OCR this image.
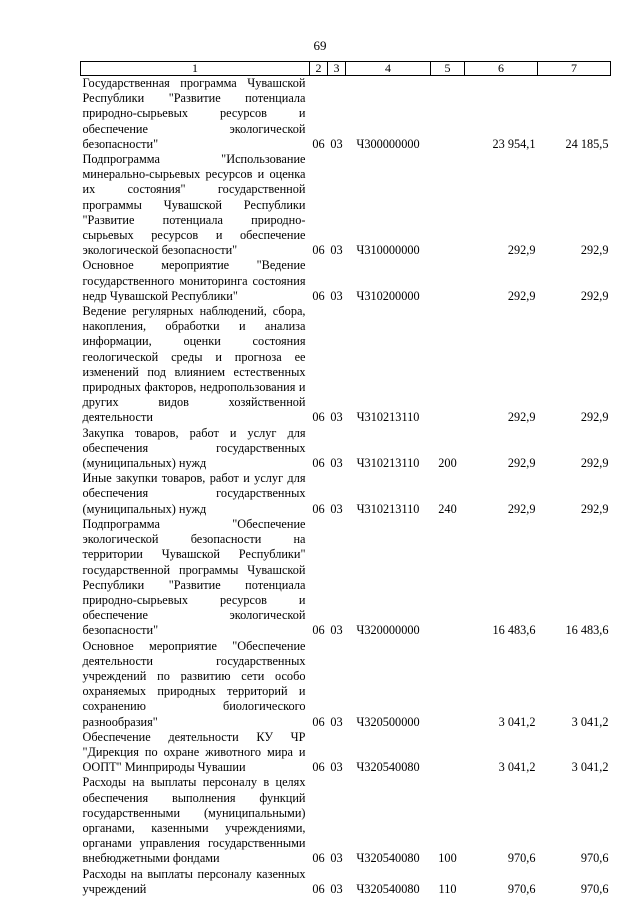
69
1	2	3	4	5	6	7
Государственная программа Чувашской Республики "Развитие потенциала природно-сырьевых ресурсов и обеспечение экологической безопасности"	06	03	Ч300000000		23 954,1	24 185,5
Подпрограмма "Использование минерально-сырьевых ресурсов и оценка их состояния" государственной программы Чувашской Республики "Развитие потенциала природно-сырьевых ресурсов и обеспечение экологической безопасности"	06	03	Ч310000000		292,9	292,9
Основное мероприятие "Ведение государственного мониторинга состояния недр Чувашской Республики"	06	03	Ч310200000		292,9	292,9
Ведение регулярных наблюдений, сбора, накопления, обработки и анализа информации, оценки состояния геологической среды и прогноза ее изменений под влиянием естественных природных факторов, недропользования и других видов хозяйственной деятельности	06	03	Ч310213110		292,9	292,9
Закупка товаров, работ и услуг для обеспечения государственных (муниципальных) нужд	06	03	Ч310213110	200	292,9	292,9
Иные закупки товаров, работ и услуг для обеспечения государственных (муниципальных) нужд	06	03	Ч310213110	240	292,9	292,9
Подпрограмма "Обеспечение экологической безопасности на территории Чувашской Республики" государственной программы Чувашской Республики "Развитие потенциала природно-сырьевых ресурсов и обеспечение экологической безопасности"	06	03	Ч320000000		16 483,6	16 483,6
Основное мероприятие "Обеспечение деятельности государственных учреждений по развитию сети особо охраняемых природных территорий и сохранению биологического разнообразия"	06	03	Ч320500000		3 041,2	3 041,2
Обеспечение деятельности КУ ЧР "Дирекция по охране животного мира и ООПТ" Минприроды Чувашии	06	03	Ч320540080		3 041,2	3 041,2
Расходы на выплаты персоналу в целях обеспечения выполнения функций государственными (муниципальными) органами, казенными учреждениями, органами управления государственными внебюджетными фондами	06	03	Ч320540080	100	970,6	970,6
Расходы на выплаты персоналу казенных учреждений	06	03	Ч320540080	110	970,6	970,6
